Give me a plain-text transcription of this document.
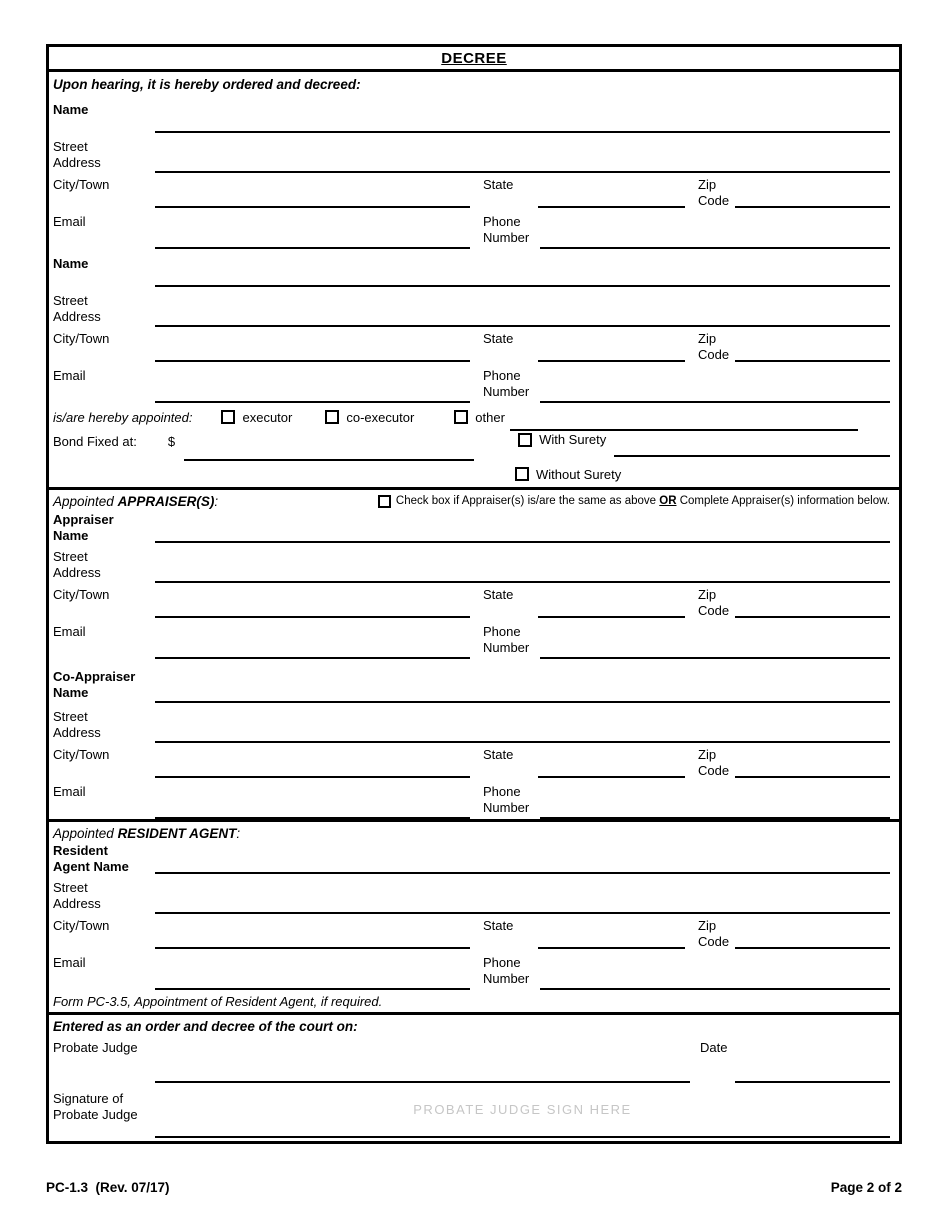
DECREE
Upon hearing, it is hereby ordered and decreed:
Name
Street
Address
City/Town	State	Zip
Code
Email	Phone
Number
Name
Street
Address
City/Town	State	Zip
Code
Email	Phone
Number
is/are hereby appointed:	executor	co-executor	other
Bond Fixed at: $	With Surety
Without Surety
Appointed APPRAISER(S):	Check box if Appraiser(s) is/are the same as above OR Complete Appraiser(s) information below.
Appraiser
Name
Street
Address
City/Town	State	Zip
Code
Email	Phone
Number
Co-Appraiser
Name
Street
Address
City/Town	State	Zip
Code
Email	Phone
Number
Appointed RESIDENT AGENT:
Resident
Agent Name
Street
Address
City/Town	State	Zip
Code
Email	Phone
Number
Form PC-3.5, Appointment of Resident Agent, if required.
Entered as an order and decree of the court on:
Probate Judge	Date
Signature of
Probate Judge	PROBATE JUDGE SIGN HERE
PC-1.3  (Rev. 07/17)	Page 2 of 2
